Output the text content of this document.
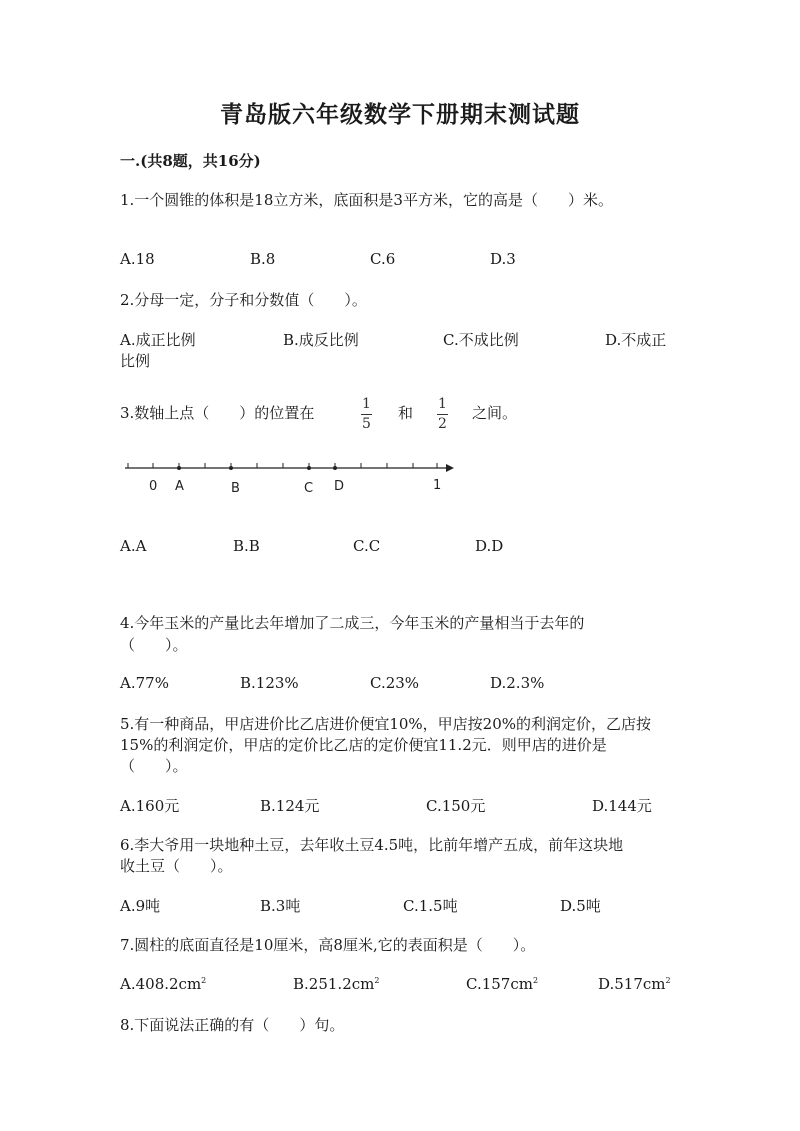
青岛版六年级数学下册期末测试题
一.(共8题，共16分)
1.一个圆锥的体积是18立方米，底面积是3平方米，它的高是（　　）米。
A.18	B.8	C.6	D.3
2.分母一定，分子和分数值（　　）。
A.成正比例	B.成反比例	C.不成比例	D.不成正
比例
3.数轴上点（　　）的位置在	1
5
和 1
2
之间。
0 A	B	C D	1
A.A	B.B	C.C	D.D
4.今年玉米的产量比去年增加了二成三，今年玉米的产量相当于去年的
（　　）。
A.77%	B.123%	C.23%	D.2.3%
5.有一种商品，甲店进价比乙店进价便宜10%，甲店按20%的利润定价，乙店按
15%的利润定价，甲店的定价比乙店的定价便宜11.2元．则甲店的进价是
（　　）。
A.160元	B.124元	C.150元	D.144元
6.李大爷用一块地种土豆，去年收土豆4.5吨，比前年增产五成，前年这块地
收土豆（　　）。
A.9吨	B.3吨	C.1.5吨	D.5吨
7.圆柱的底面直径是10厘米，高8厘米,它的表面积是（　　）。
$A.408.2cm^2$	$B.251.2cm^2$	$C.157cm^2$	$D.517cm^2$
8.下面说法正确的有（　　）句。
